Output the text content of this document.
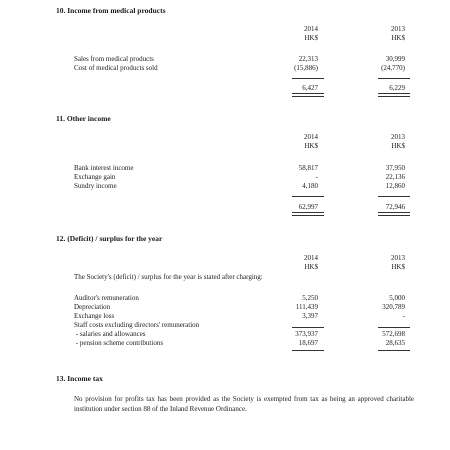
10. Income from medical products
2014	2013
HK$	HK$
Sales from medical products	22,313	30,999
Cost of medical products sold	(15,886)	(24,770)
6,427	6,229
11. Other income
2014	2013
HK$	HK$
Bank interest income	58,817	37,950
Exchange gain	-	22,136
Sundry income	4,180	12,860
62,997	72,946
12. (Deficit) / surplus for the year
2014	2013
HK$	HK$
The Society's (deficit) / surplus for the year is stated after charging:
Auditor's remuneration	5,250	5,000
Depreciation	111,439	320,789
Exchange loss	3,397	-
Staff costs excluding directors' remuneration
- salaries and allowances	373,937	572,698
- pension scheme contributions	18,697	28,635
13. Income tax
No provision for profits tax has been provided as the Society is exempted from tax as being an approved charitable institution under section 88 of the Inland Revenue Ordinance.
